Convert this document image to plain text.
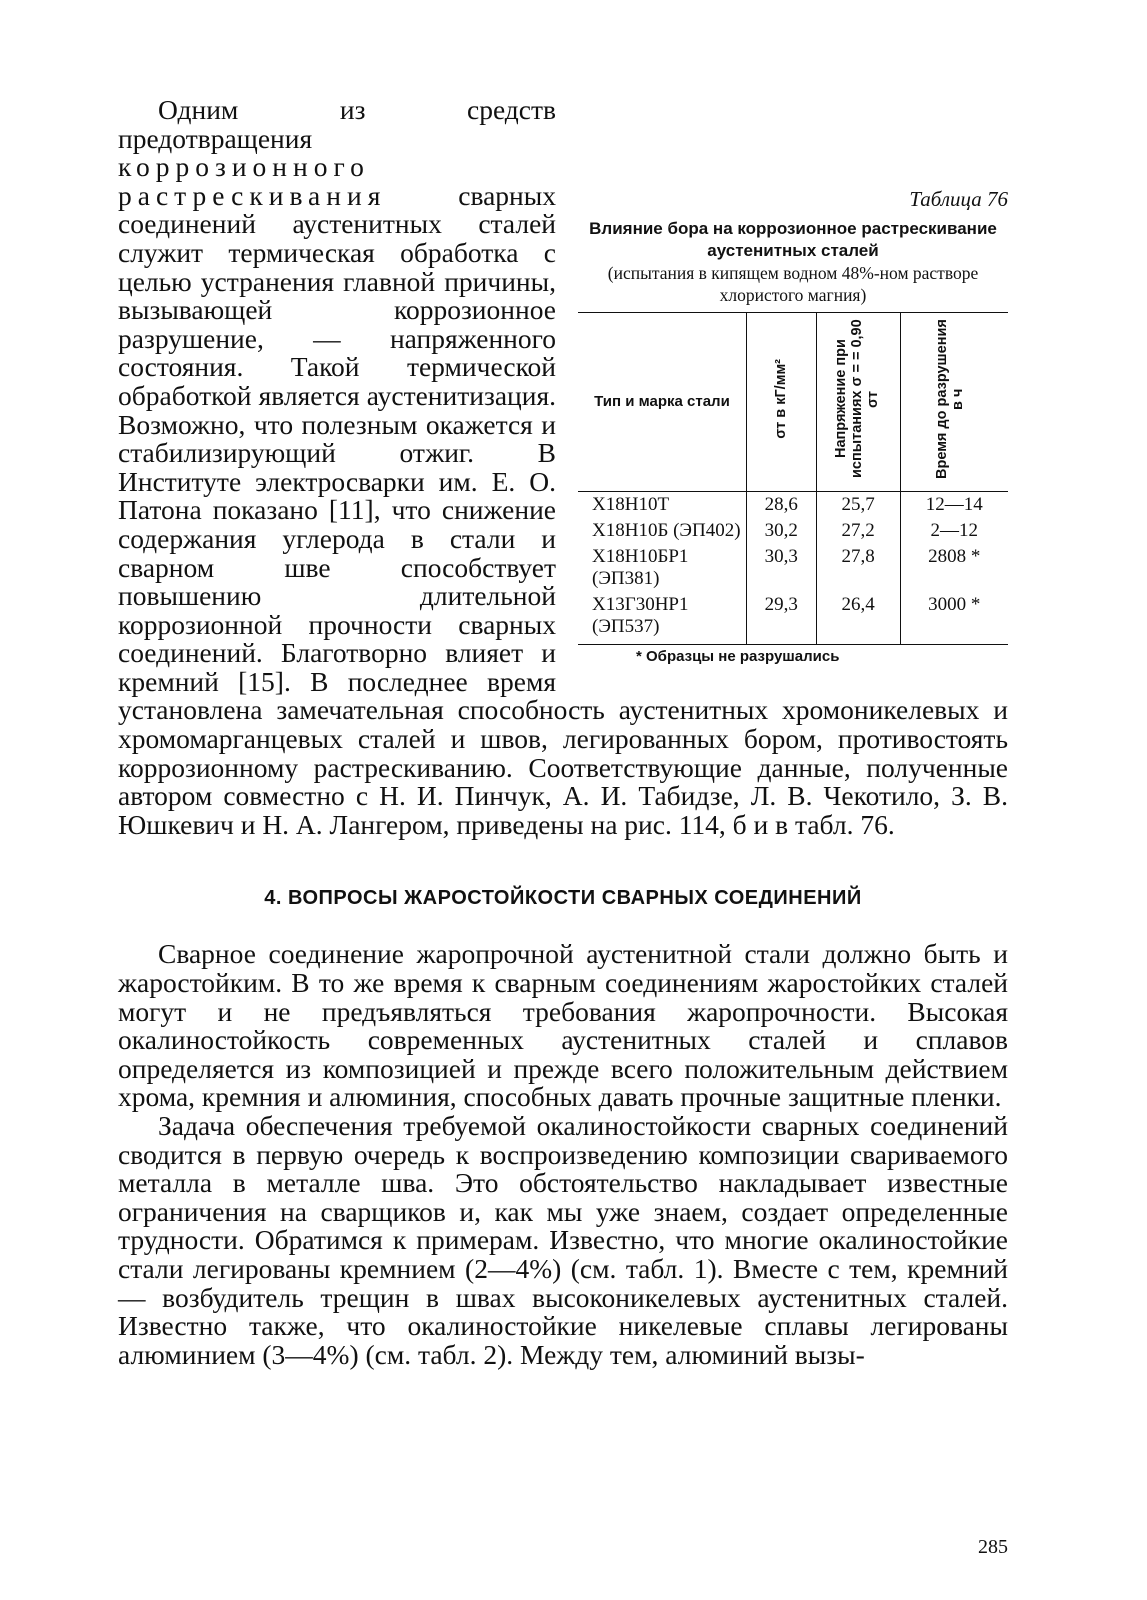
Таблица 76
Влияние бора на коррозионное растрескивание аустенитных сталей
(испытания в кипящем водном 48%-ном растворе хлористого магния)
Тип и марка стали	σт в кГ/мм²	Напряжение при испытаниях σ = = 0,90 σт	Время до разрушения в ч
Х18Н10Т	28,6	25,7	12—14
Х18Н10Б (ЭП402)	30,2	27,2	2—12
Х18Н10БР1 (ЭП381)	30,3	27,8	2808 *
Х13Г30НР1 (ЭП537)	29,3	26,4	3000 *
* Образцы не разрушались

Одним из средств предотвращения коррозионного растрескивания сварных соединений аустенитных сталей служит термическая обработка с целью устранения главной причины, вызывающей коррозионное разрушение, — напряженного состояния. Такой термической обработкой является аустенитизация. Возможно, что полезным окажется и стабилизирующий отжиг. В Институте электросварки им. Е. О. Патона показано [11], что снижение содержания углерода в стали и сварном шве способствует повышению длительной коррозионной прочности сварных соединений. Благотворно влияет и кремний [15]. В последнее время установлена замечательная способность аустенитных хромоникелевых и хромомарганцевых сталей и швов, легированных бором, противостоять коррозионному растрескиванию. Соответствующие данные, полученные автором совместно с Н. И. Пинчук, А. И. Табидзе, Л. В. Чекотило, З. В. Юшкевич и Н. А. Лангером, приведены на рис. 114, б и в табл. 76.

4. ВОПРОСЫ ЖАРОСТОЙКОСТИ СВАРНЫХ СОЕДИНЕНИЙ

Сварное соединение жаропрочной аустенитной стали должно быть и жаростойким. В то же время к сварным соединениям жаростойких сталей могут и не предъявляться требования жаропрочности. Высокая окалиностойкость современных аустенитных сталей и сплавов определяется из композицией и прежде всего положительным действием хрома, кремния и алюминия, способных давать прочные защитные пленки.

Задача обеспечения требуемой окалиностойкости сварных соединений сводится в первую очередь к воспроизведению композиции свариваемого металла в металле шва. Это обстоятельство накладывает известные ограничения на сварщиков и, как мы уже знаем, создает определенные трудности. Обратимся к примерам. Известно, что многие окалиностойкие стали легированы кремнием (2—4%) (см. табл. 1). Вместе с тем, кремний — возбудитель трещин в швах высоконикелевых аустенитных сталей. Известно также, что окалиностойкие никелевые сплавы легированы алюминием (3—4%) (см. табл. 2). Между тем, алюминий вызы-

285
